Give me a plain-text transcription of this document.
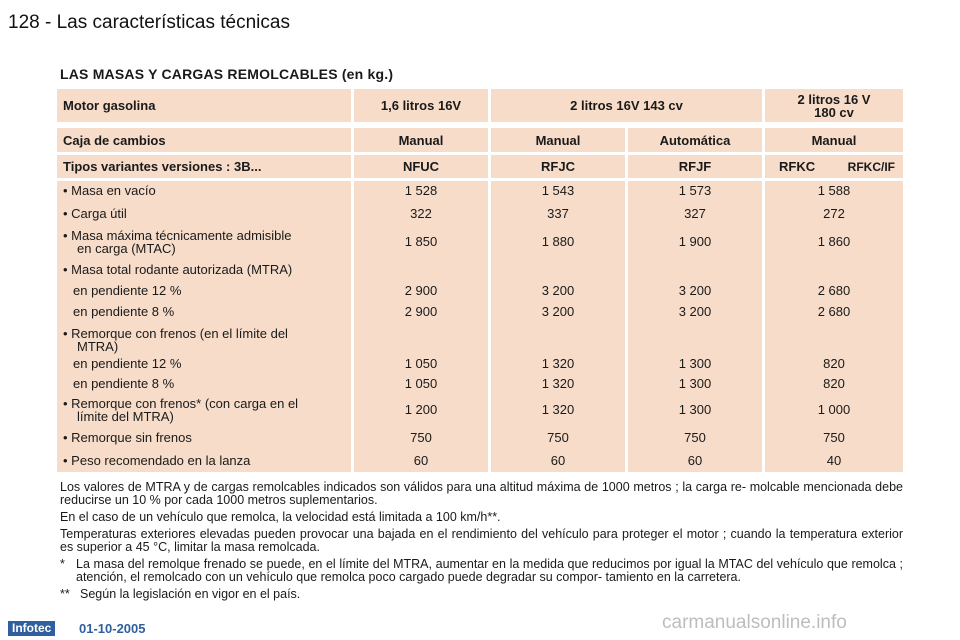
128 - Las características técnicas
LAS MASAS Y CARGAS REMOLCABLES (en kg.)
Motor gasolina	1,6 litros 16V	2 litros 16V 143 cv	2 litros 16 V
180 cv
Caja de cambios	Manual	Manual	Automática	Manual
Tipos variantes versiones : 3B...	NFUC	RFJC	RFJF	RFKC	RFKC/IF
• Masa en vacío	1 528	1 543	1 573	1 588
• Carga útil	322	337	327	272
• Masa máxima técnicamente admisible
en carga (MTAC)	1 850	1 880	1 900	1 860
• Masa total rodante autorizada (MTRA)
en pendiente 12 %	2 900	3 200	3 200	2 680
en pendiente 8 %	2 900	3 200	3 200	2 680
• Remorque con frenos (en el límite del
MTRA)
en pendiente 12 %	1 050	1 320	1 300	820
en pendiente 8 %	1 050	1 320	1 300	820
• Remorque con frenos* (con carga en el
límite del MTRA)	1 200	1 320	1 300	1 000
• Remorque sin frenos	750	750	750	750
• Peso recomendado en la lanza	60	60	60	40

Los valores de MTRA y de cargas remolcables indicados son válidos para una altitud máxima de 1000 metros ; la carga re- molcable mencionada debe reducirse un 10 % por cada 1000 metros suplementarios.

En el caso de un vehículo que remolca, la velocidad está limitada a 100 km/h**.

Temperaturas exteriores elevadas pueden provocar una bajada en el rendimiento del vehículo para proteger el motor ; cuando la temperatura exterior es superior a 45 °C, limitar la masa remolcada.

* La masa del remolque frenado se puede, en el límite del MTRA, aumentar en la medida que reducimos por igual la MTAC del vehículo que remolca ; atención, el remolcado con un vehículo que remolca poco cargado puede degradar su compor- tamiento en la carretera.
** Según la legislación en vigor en el país.
Infotec	01-10-2005	carmanualsonline.info
